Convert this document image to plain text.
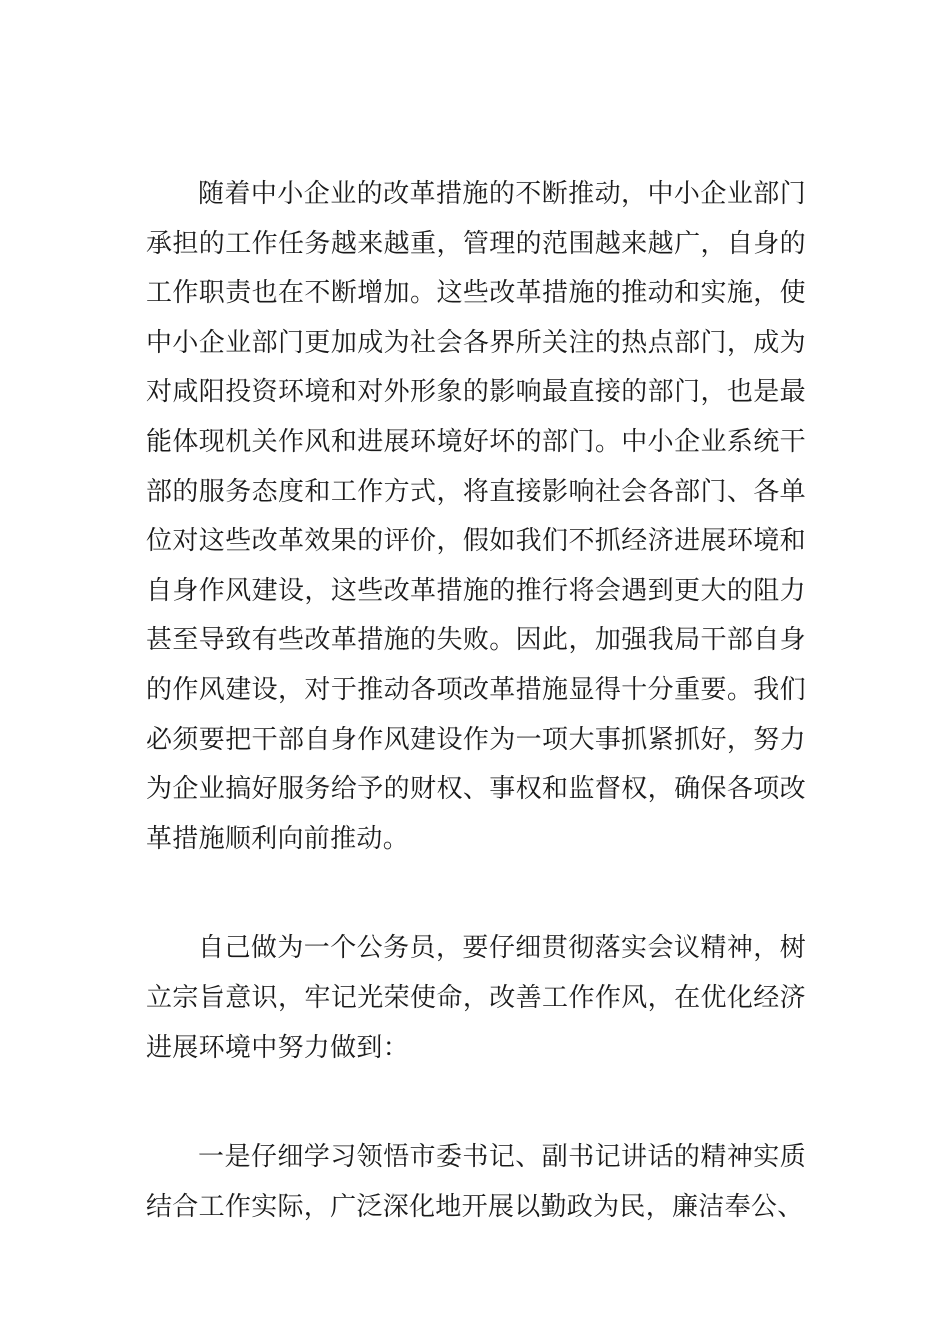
随着中小企业的改革措施的不断推动，中小企业部门承担的工作任务越来越重，管理的范围越来越广，自身的工作职责也在不断增加。这些改革措施的推动和实施，使中小企业部门更加成为社会各界所关注的热点部门，成为对咸阳投资环境和对外形象的影响最直接的部门，也是最能体现机关作风和进展环境好坏的部门。中小企业系统干部的服务态度和工作方式，将直接影响社会各部门、各单位对这些改革效果的评价，假如我们不抓经济进展环境和自身作风建设，这些改革措施的推行将会遇到更大的阻力甚至导致有些改革措施的失败。因此，加强我局干部自身的作风建设，对于推动各项改革措施显得十分重要。我们必须要把干部自身作风建设作为一项大事抓紧抓好，努力为企业搞好服务给予的财权、事权和监督权，确保各项改革措施顺利向前推动。

自己做为一个公务员，要仔细贯彻落实会议精神，树立宗旨意识，牢记光荣使命，改善工作作风，在优化经济进展环境中努力做到：

一是仔细学习领悟市委书记、副书记讲话的精神实质结合工作实际，广泛深化地开展以勤政为民，廉洁奉公、
